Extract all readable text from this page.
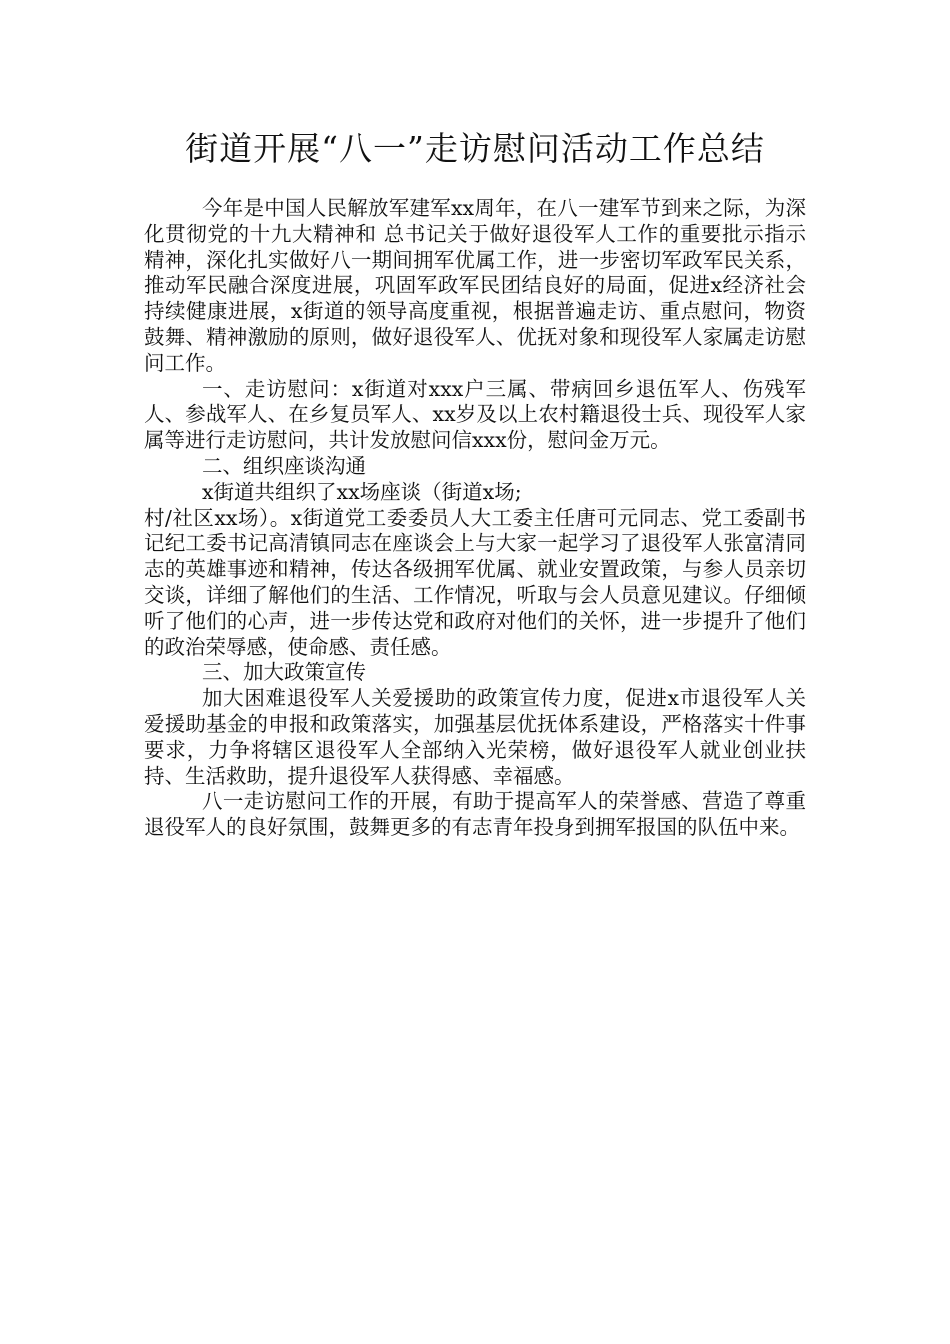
街道开展“八一”走访慰问活动工作总结

今年是中国人民解放军建军xx周年，在八一建军节到来之际，为深化贯彻党的十九大精神和 总书记关于做好退役军人工作的重要批示指示精神，深化扎实做好八一期间拥军优属工作，进一步密切军政军民关系，推动军民融合深度进展，巩固军政军民团结良好的局面，促进x经济社会持续健康进展，x街道的领导高度重视，根据普遍走访、重点慰问，物资鼓舞、精神激励的原则，做好退役军人、优抚对象和现役军人家属走访慰问工作。

一、走访慰问：x街道对xxx户三属、带病回乡退伍军人、伤残军人、参战军人、在乡复员军人、xx岁及以上农村籍退役士兵、现役军人家属等进行走访慰问，共计发放慰问信xxx份，慰问金万元。

二、组织座谈沟通

x街道共组织了xx场座谈（街道x场;

村/社区xx场）。x街道党工委委员人大工委主任唐可元同志、党工委副书记纪工委书记高清镇同志在座谈会上与大家一起学习了退役军人张富清同志的英雄事迹和精神，传达各级拥军优属、就业安置政策，与参人员亲切交谈，详细了解他们的生活、工作情况，听取与会人员意见建议。仔细倾听了他们的心声，进一步传达党和政府对他们的关怀，进一步提升了他们的政治荣辱感，使命感、责任感。

三、加大政策宣传

加大困难退役军人关爱援助的政策宣传力度，促进x市退役军人关爱援助基金的申报和政策落实，加强基层优抚体系建设，严格落实十件事要求，力争将辖区退役军人全部纳入光荣榜，做好退役军人就业创业扶持、生活救助，提升退役军人获得感、幸福感。

八一走访慰问工作的开展，有助于提高军人的荣誉感、营造了尊重退役军人的良好氛围，鼓舞更多的有志青年投身到拥军报国的队伍中来。
